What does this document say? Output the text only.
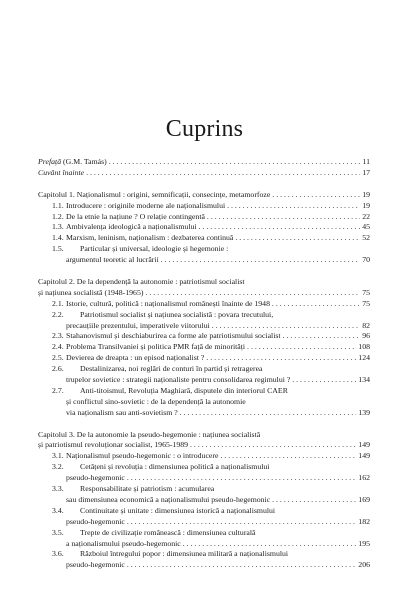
Cuprins
Prefață (G.M. Tamás) . . .	11
Cuvânt înainte . . .	17
Capitolul 1. Naționalismul : origini, semnificații, consecințe, metamorfoze . . .	19
1.1. Introducere : originile moderne ale naționalismului . . .	19
1.2. De la etnie la națiune ? O relație contingentă . . .	22
1.3. Ambivalența ideologică a naționalismului . . .	45
1.4. Marxism, leninism, naționalism : dezbaterea continuă . . .	52
1.5. Particular și universal, ideologie și hegemonie :
argumentul teoretic al lucrării . . .	70
Capitolul 2. De la dependență la autonomie : patriotismul socialist
și națiunea socialistă (1948-1965) . . .	75
2.1. Istorie, cultură, politică : naționalismul românești înainte de 1948 . . .	75
2.2. Patriotismul socialist și națiunea socialistă : povara trecutului,
precauțiile prezentului, imperativele viitorului . . .	82
2.3. Stahanovismul și deschiaburirea ca forme ale patriotismului socialist . . .	96
2.4. Problema Transilvaniei și politica PMR față de minorități . . .	108
2.5. Devierea de dreapta : un episod naționalist ? . . .	124
2.6. Destalinizarea, noi reglări de conturi în partid și retragerea
trupelor sovietice : strategii naționaliste pentru consolidarea regimului ? . . .	134
2.7. Anti-titoismul, Revoluția Maghiară, disputele din interiorul CAER
și conflictul sino-sovietic : de la dependență la autonomie
via naționalism sau anti-sovietism ? . . .	139
Capitolul 3. De la autonomie la pseudo-hegemonie : națiunea socialistă
și patriotismul revoluționar socialist, 1965-1989 . . .	149
3.1. Naționalismul pseudo-hegemonic : o introducere . . .	149
3.2. Cetățeni și revoluția : dimensiunea politică a naționalismului
pseudo-hegemonic . . .	162
3.3. Responsabilitate și patriotism : acumularea
sau dimensiunea economică a naționalismului pseudo-hegemonic . . .	169
3.4. Continuitate și unitate : dimensiunea istorică a naționalismului
pseudo-hegemonic . . .	182
3.5. Trepte de civilizație românească : dimensiunea culturală
a naționalismului pseudo-hegemonic . . .	195
3.6. Războiul întregului popor : dimensiunea militară a naționalismului
pseudo-hegemonic . . .	206
